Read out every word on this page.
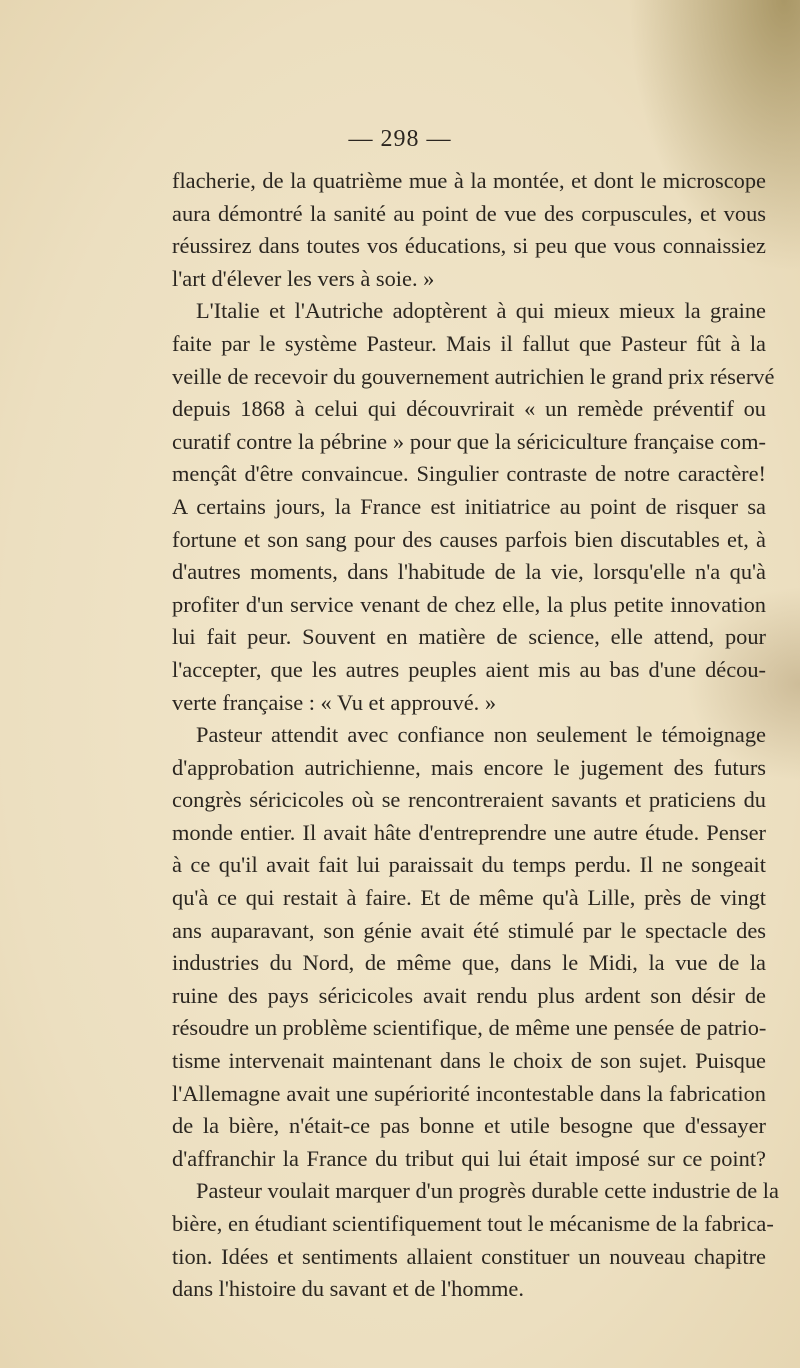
— 298 —
flacherie, de la quatrième mue à la montée, et dont le microscope
aura démontré la sanité au point de vue des corpuscules, et vous
réussirez dans toutes vos éducations, si peu que vous connaissiez
l'art d'élever les vers à soie. »
L'Italie et l'Autriche adoptèrent à qui mieux mieux la graine
faite par le système Pasteur. Mais il fallut que Pasteur fût à la
veille de recevoir du gouvernement autrichien le grand prix réservé
depuis 1868 à celui qui découvrirait « un remède préventif ou
curatif contre la pébrine » pour que la sériciculture française com-
mençât d'être convaincue. Singulier contraste de notre caractère!
A certains jours, la France est initiatrice au point de risquer sa
fortune et son sang pour des causes parfois bien discutables et, à
d'autres moments, dans l'habitude de la vie, lorsqu'elle n'a qu'à
profiter d'un service venant de chez elle, la plus petite innovation
lui fait peur. Souvent en matière de science, elle attend, pour
l'accepter, que les autres peuples aient mis au bas d'une décou-
verte française : « Vu et approuvé. »
Pasteur attendit avec confiance non seulement le témoignage
d'approbation autrichienne, mais encore le jugement des futurs
congrès séricicoles où se rencontreraient savants et praticiens du
monde entier. Il avait hâte d'entreprendre une autre étude. Penser
à ce qu'il avait fait lui paraissait du temps perdu. Il ne songeait
qu'à ce qui restait à faire. Et de même qu'à Lille, près de vingt
ans auparavant, son génie avait été stimulé par le spectacle des
industries du Nord, de même que, dans le Midi, la vue de la
ruine des pays séricicoles avait rendu plus ardent son désir de
résoudre un problème scientifique, de même une pensée de patrio-
tisme intervenait maintenant dans le choix de son sujet. Puisque
l'Allemagne avait une supériorité incontestable dans la fabrication
de la bière, n'était-ce pas bonne et utile besogne que d'essayer
d'affranchir la France du tribut qui lui était imposé sur ce point?
Pasteur voulait marquer d'un progrès durable cette industrie de la
bière, en étudiant scientifiquement tout le mécanisme de la fabrica-
tion. Idées et sentiments allaient constituer un nouveau chapitre
dans l'histoire du savant et de l'homme.
